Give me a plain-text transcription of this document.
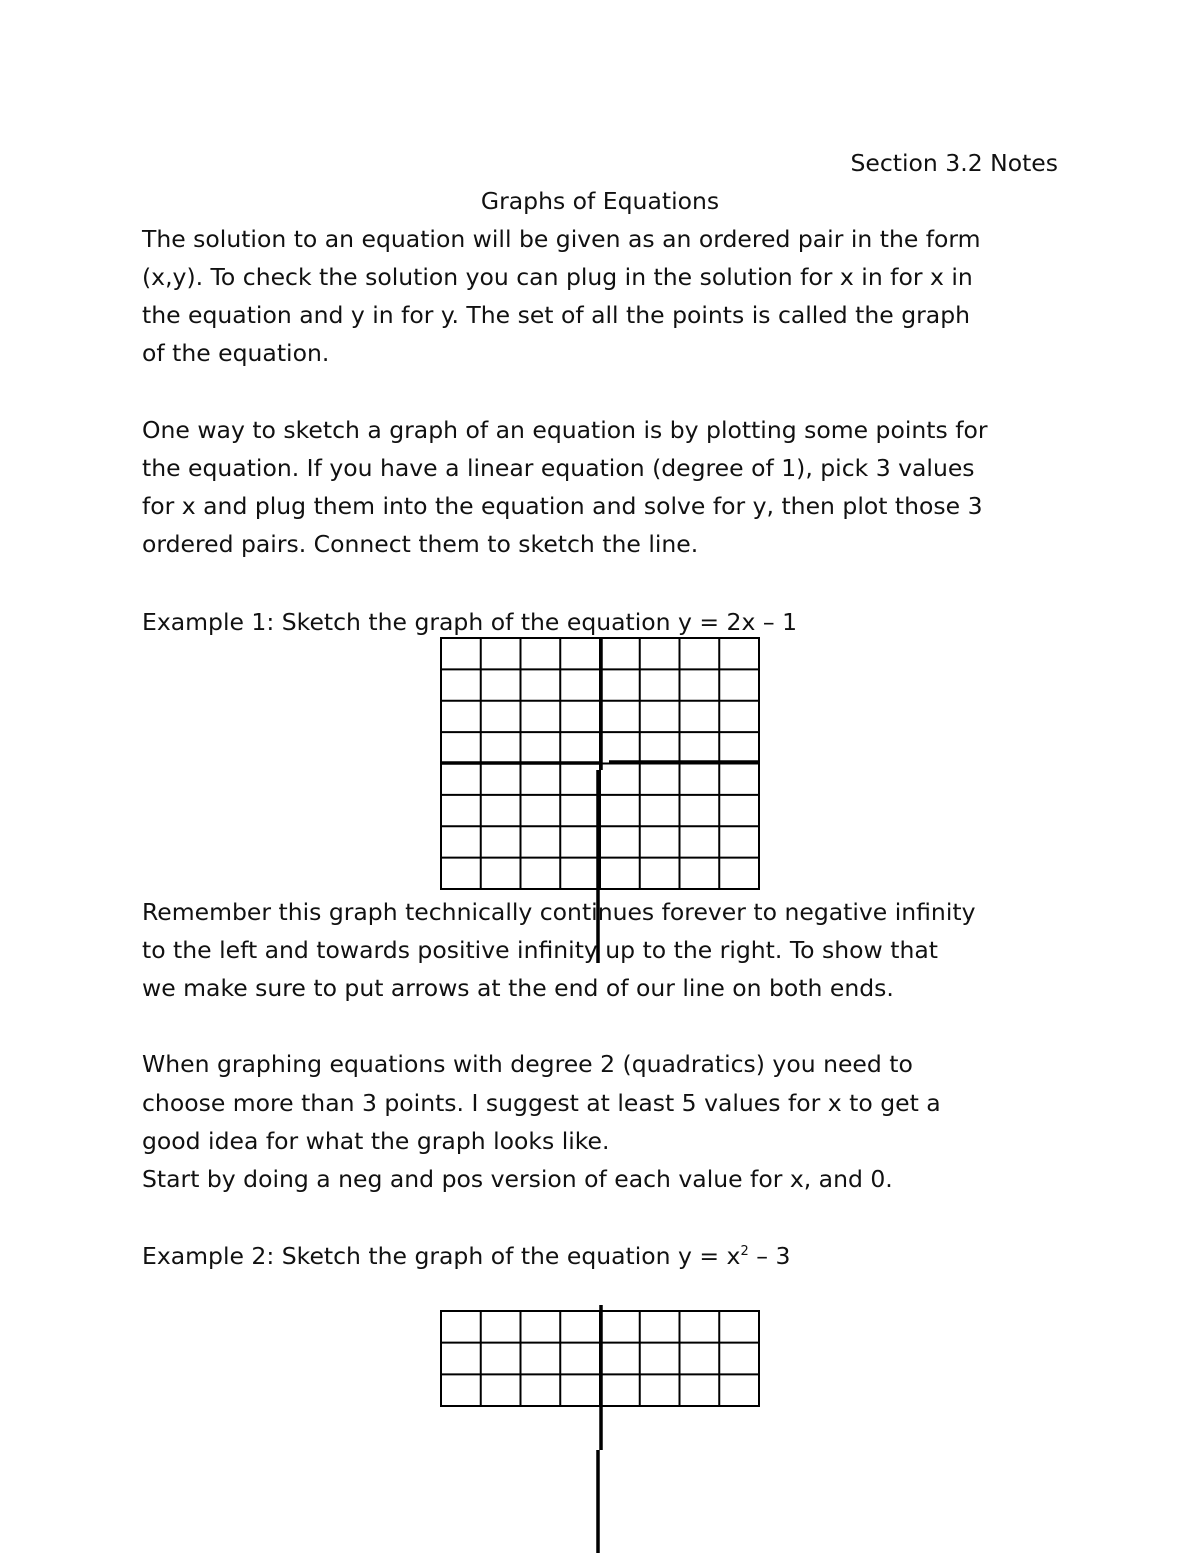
Section 3.2 Notes
Graphs of Equations
The solution to an equation will be given as an ordered pair in the form
(x,y). To check the solution you can plug in the solution for x in for x in
the equation and y in for y. The set of all the points is called the graph
of the equation.
One way to sketch a graph of an equation is by plotting some points for
the equation. If you have a linear equation (degree of 1), pick 3 values
for x and plug them into the equation and solve for y, then plot those 3
ordered pairs. Connect them to sketch the line.
Example 1: Sketch the graph of the equation y = 2x – 1
Remember this graph technically continues forever to negative infinity
to the left and towards positive infinity up to the right. To show that
we make sure to put arrows at the end of our line on both ends.
When graphing equations with degree 2 (quadratics) you need to
choose more than 3 points. I suggest at least 5 values for x to get a
good idea for what the graph looks like.
Start by doing a neg and pos version of each value for x, and 0.
Example 2: Sketch the graph of the equation $y = x^2 - 3$
